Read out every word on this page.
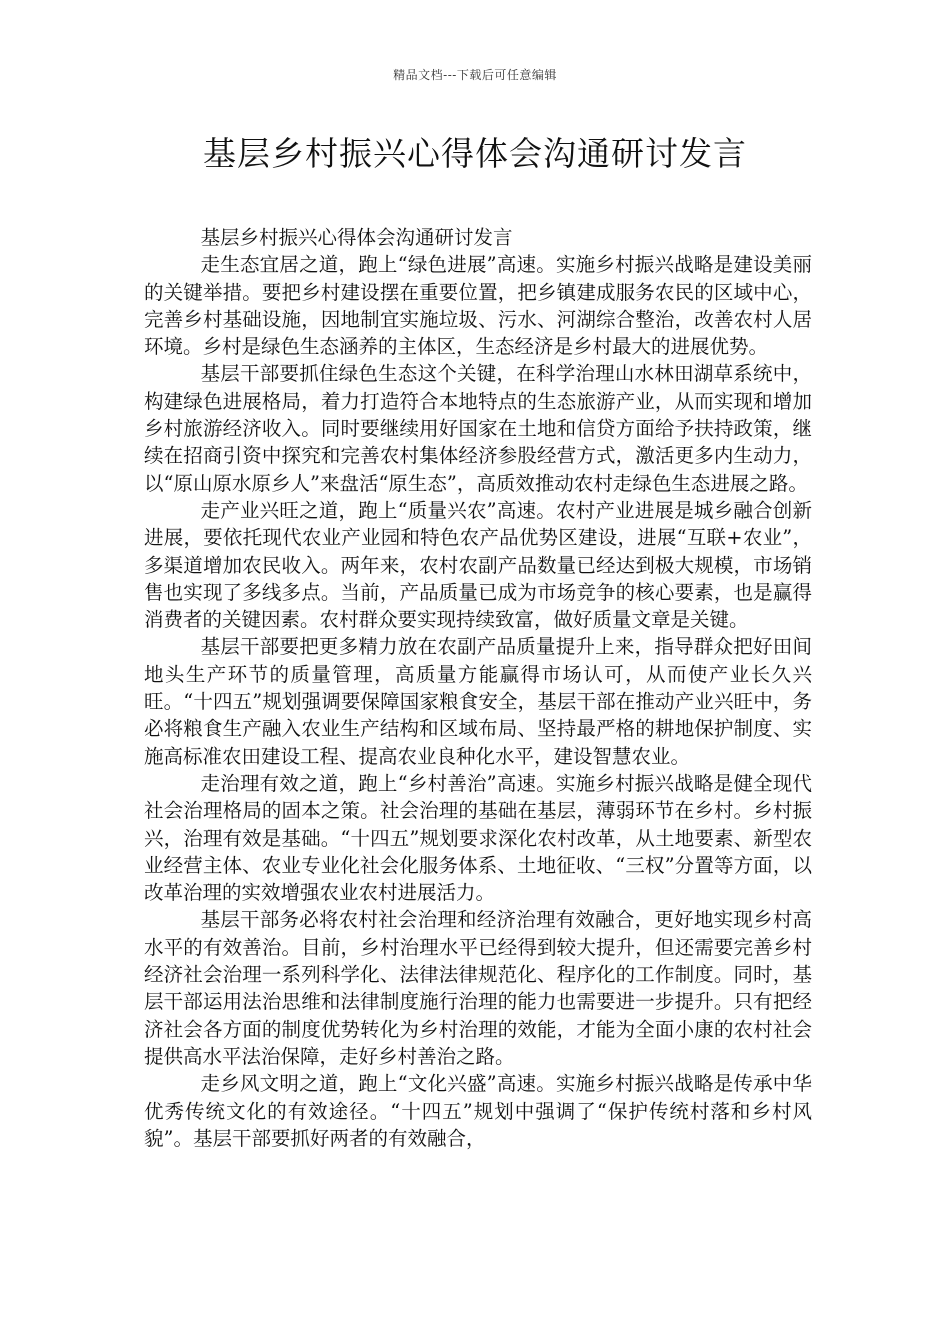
精品文档---下载后可任意编辑
基层乡村振兴心得体会沟通研讨发言

基层乡村振兴心得体会沟通研讨发言

走生态宜居之道，跑上“绿色进展”高速。实施乡村振兴战略是建设美丽的关键举措。要把乡村建设摆在重要位置，把乡镇建成服务农民的区域中心，完善乡村基础设施，因地制宜实施垃圾、污水、河湖综合整治，改善农村人居环境。乡村是绿色生态涵养的主体区，生态经济是乡村最大的进展优势。

基层干部要抓住绿色生态这个关键，在科学治理山水林田湖草系统中，构建绿色进展格局，着力打造符合本地特点的生态旅游产业，从而实现和增加乡村旅游经济收入。同时要继续用好国家在土地和信贷方面给予扶持政策，继续在招商引资中探究和完善农村集体经济参股经营方式，激活更多内生动力，以“原山原水原乡人”来盘活“原生态”，高质效推动农村走绿色生态进展之路。

走产业兴旺之道，跑上“质量兴农”高速。农村产业进展是城乡融合创新进展，要依托现代农业产业园和特色农产品优势区建设，进展“互联+农业”，多渠道增加农民收入。两年来，农村农副产品数量已经达到极大规模，市场销售也实现了多线多点。当前，产品质量已成为市场竞争的核心要素，也是赢得消费者的关键因素。农村群众要实现持续致富，做好质量文章是关键。

基层干部要把更多精力放在农副产品质量提升上来，指导群众把好田间地头生产环节的质量管理，高质量方能赢得市场认可，从而使产业长久兴旺。“十四五”规划强调要保障国家粮食安全，基层干部在推动产业兴旺中，务必将粮食生产融入农业生产结构和区域布局、坚持最严格的耕地保护制度、实施高标准农田建设工程、提高农业良种化水平，建设智慧农业。

走治理有效之道，跑上“乡村善治”高速。实施乡村振兴战略是健全现代社会治理格局的固本之策。社会治理的基础在基层，薄弱环节在乡村。乡村振兴，治理有效是基础。“十四五”规划要求深化农村改革，从土地要素、新型农业经营主体、农业专业化社会化服务体系、土地征收、“三权”分置等方面，以改革治理的实效增强农业农村进展活力。

基层干部务必将农村社会治理和经济治理有效融合，更好地实现乡村高水平的有效善治。目前，乡村治理水平已经得到较大提升，但还需要完善乡村经济社会治理一系列科学化、法律法律规范化、程序化的工作制度。同时，基层干部运用法治思维和法律制度施行治理的能力也需要进一步提升。只有把经济社会各方面的制度优势转化为乡村治理的效能，才能为全面小康的农村社会提供高水平法治保障，走好乡村善治之路。

走乡风文明之道，跑上“文化兴盛”高速。实施乡村振兴战略是传承中华优秀传统文化的有效途径。“十四五”规划中强调了“保护传统村落和乡村风貌”。基层干部要抓好两者的有效融合，
